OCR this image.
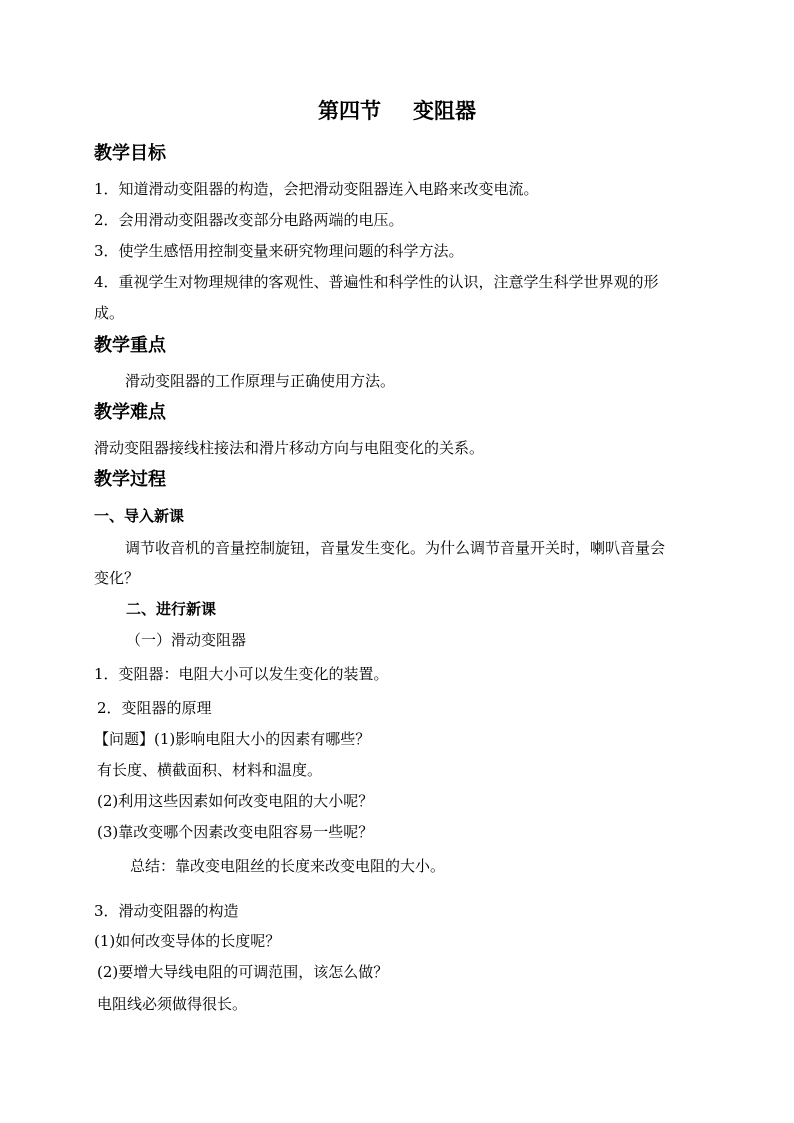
第四节 变阻器
教学目标
1．知道滑动变阻器的构造，会把滑动变阻器连入电路来改变电流。
2．会用滑动变阻器改变部分电路两端的电压。
3．使学生感悟用控制变量来研究物理问题的科学方法。
4．重视学生对物理规律的客观性、普遍性和科学性的认识，注意学生科学世界观的形
成。
教学重点
滑动变阻器的工作原理与正确使用方法。
教学难点
滑动变阻器接线柱接法和滑片移动方向与电阻变化的关系。
教学过程
一、导入新课
调节收音机的音量控制旋钮，音量发生变化。为什么调节音量开关时，喇叭音量会
变化？
二、进行新课
（一）滑动变阻器
1．变阻器：电阻大小可以发生变化的装置。
2．变阻器的原理
【问题】(1)影响电阻大小的因素有哪些？
有长度、横截面积、材料和温度。
(2)利用这些因素如何改变电阻的大小呢？
(3)靠改变哪个因素改变电阻容易一些呢？
总结：靠改变电阻丝的长度来改变电阻的大小。
3．滑动变阻器的构造
(1)如何改变导体的长度呢？
(2)要增大导线电阻的可调范围，该怎么做？
电阻线必须做得很长。
